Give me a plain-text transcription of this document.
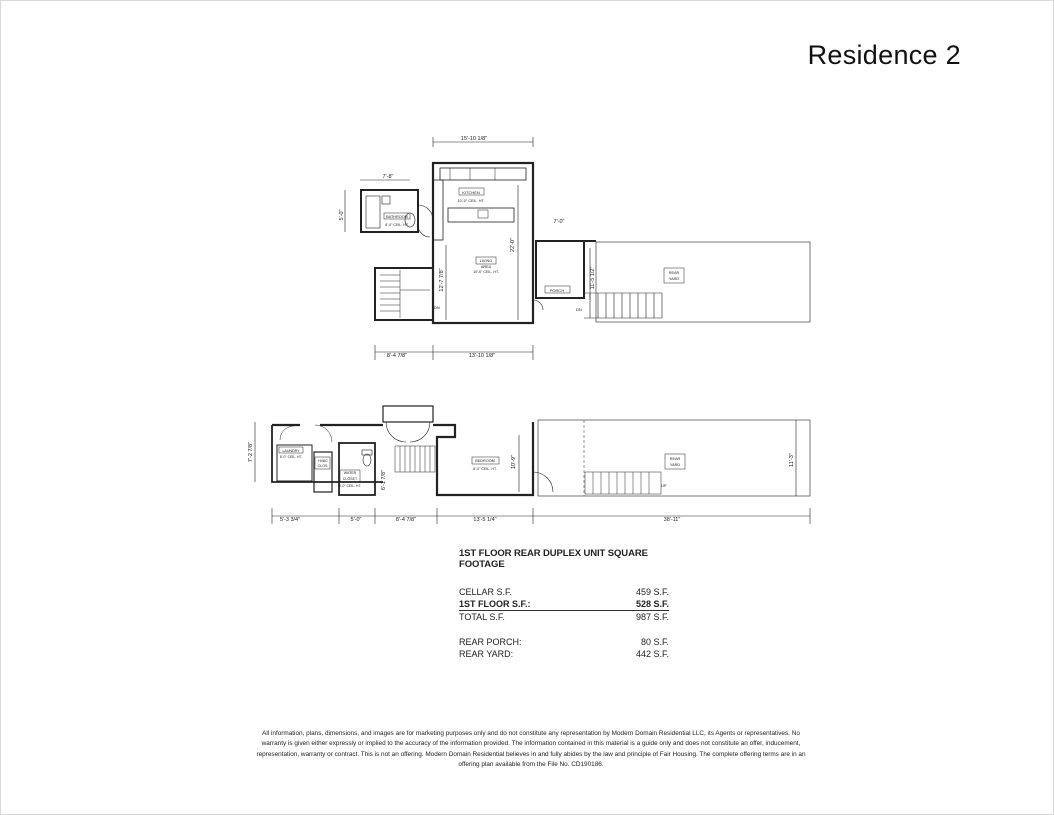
Residence 2
15'-10 1/8"
7'-8"
5'-0"
22'-0"
12'-7 7/8"
7'-0"
11'-5 1/2"
8'-4 7/8"	13'-10 1/8"
KITCHEN
10'-0" CEIL. HT.
BATHROOM
8'-0" CEIL. HT.
LIVING
AREA
10'-0" CEIL. HT.
PORCH
REAR
YARD
DN	DN
7'-2 7/8"
5'-3 3/4"	5'-0"	8'-4 7/8"	13'-5 1/4"	38'-11"
10'-9"
6'-1 7/8"
11'-3"
LAUNDRY
8'-0" CEIL. HT.
HVAC
CLOS.
WATER
CLOSET
8'-0" CEIL. HT.
BEDROOM
8'-0" CEIL. HT.
REAR
YARD
UP
1ST FLOOR REAR DUPLEX UNIT SQUARE FOOTAGE
CELLAR S.F.	459 S.F.
1ST FLOOR S.F.:	528 S.F.
TOTAL S.F.	987 S.F.
REAR PORCH:	80 S.F.
REAR YARD:	442 S.F.
All information, plans, dimensions, and images are for marketing purposes only and do not constitute any representation by Modern Domain Residential LLC, its Agents or representatives. No warranty is given either expressly or implied to the accuracy of the information provided. The information contained in this material is a guide only and does not constitute an offer, inducement, representation, warranty or contract. This is not an offering. Modern Domain Residential believes in and fully abides by the law and principle of Fair Housing. The complete offering terms are in an offering plan available from the File No. CD190186.
